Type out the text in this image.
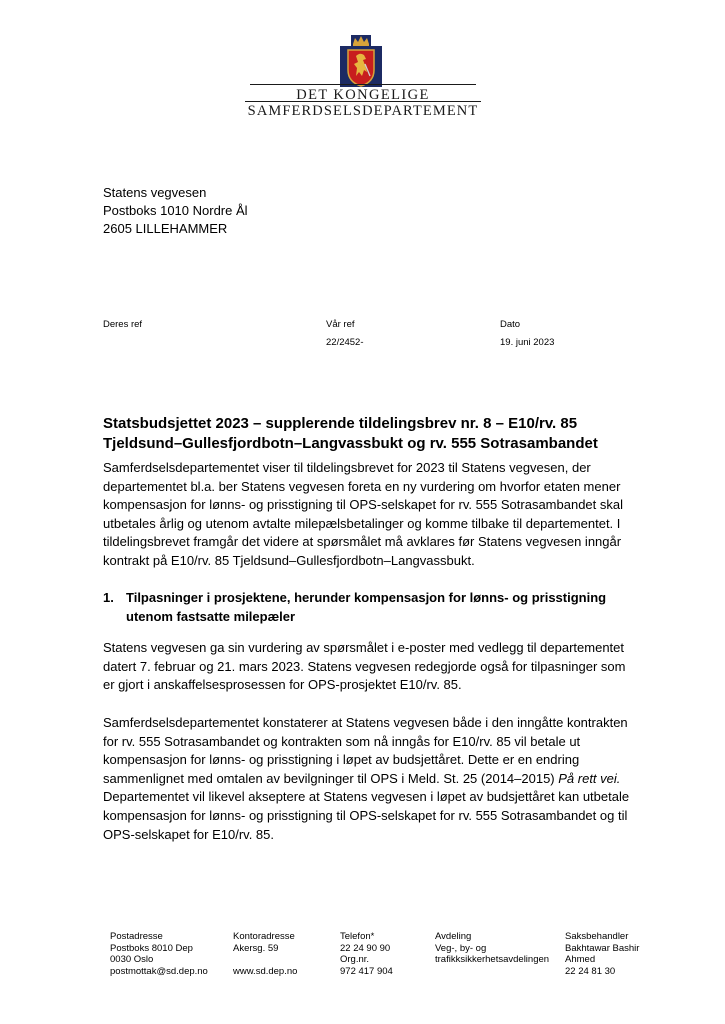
DET KONGELIGE
SAMFERDSELSDEPARTEMENT
Statens vegvesen
Postboks 1010 Nordre Ål
2605 LILLEHAMMER
Deres ref	Vår ref
22/2452-
Dato
19. juni 2023
Statsbudsjettet 2023 – supplerende tildelingsbrev nr. 8 – E10/rv. 85
Tjeldsund–Gullesfjordbotn–Langvassbukt og rv. 555 Sotrasambandet
Samferdselsdepartementet viser til tildelingsbrevet for 2023 til Statens vegvesen, der
departementet bl.a. ber Statens vegvesen foreta en ny vurdering om hvorfor etaten mener
kompensasjon for lønns- og prisstigning til OPS-selskapet for rv. 555 Sotrasambandet skal
utbetales årlig og utenom avtalte milepælsbetalinger og komme tilbake til departementet. I
tildelingsbrevet framgår det videre at spørsmålet må avklares før Statens vegvesen inngår
kontrakt på E10/rv. 85 Tjeldsund–Gullesfjordbotn–Langvassbukt.
1. Tilpasninger i prosjektene, herunder kompensasjon for lønns- og prisstigning
utenom fastsatte milepæler
Statens vegvesen ga sin vurdering av spørsmålet i e-poster med vedlegg til departementet
datert 7. februar og 21. mars 2023. Statens vegvesen redegjorde også for tilpasninger som
er gjort i anskaffelsesprosessen for OPS-prosjektet E10/rv. 85.
Samferdselsdepartementet konstaterer at Statens vegvesen både i den inngåtte kontrakten
for rv. 555 Sotrasambandet og kontrakten som nå inngås for E10/rv. 85 vil betale ut
kompensasjon for lønns- og prisstigning i løpet av budsjettåret. Dette er en endring
sammenlignet med omtalen av bevilgninger til OPS i Meld. St. 25 (2014–2015) På rett vei.
Departementet vil likevel akseptere at Statens vegvesen i løpet av budsjettåret kan utbetale
kompensasjon for lønns- og prisstigning til OPS-selskapet for rv. 555 Sotrasambandet og til
OPS-selskapet for E10/rv. 85.
Postadresse
Postboks 8010 Dep
0030 Oslo
postmottak@sd.dep.no
Kontoradresse
Akersg. 59
www.sd.dep.no
Telefon*
22 24 90 90
Org.nr.
972 417 904
Avdeling
Veg-, by- og
trafikksikkerhetsavdelingen
Saksbehandler
Bakhtawar Bashir
Ahmed
22 24 81 30
